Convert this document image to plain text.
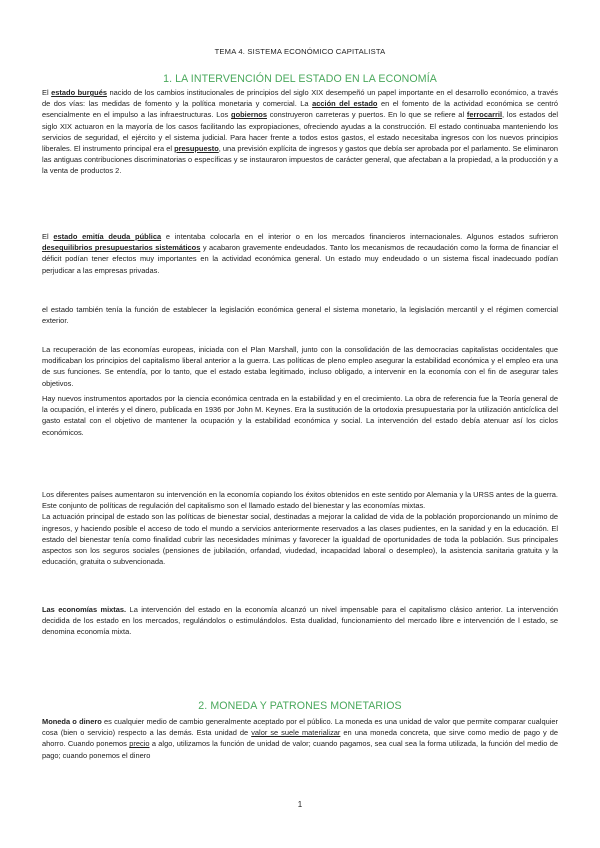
TEMA 4. SISTEMA ECONÓMICO CAPITALISTA
1. LA INTERVENCIÓN DEL ESTADO EN LA ECONOMÍA

El estado burgués nacido de los cambios institucionales de principios del siglo XIX desempeñó un papel importante en el desarrollo económico, a través de dos vías: las medidas de fomento y la política monetaria y comercial. La acción del estado en el fomento de la actividad económica se centró esencialmente en el impulso a las infraestructuras. Los gobiernos construyeron carreteras y puertos. En lo que se refiere al ferrocarril, los estados del siglo XIX actuaron en la mayoría de los casos facilitando las expropiaciones, ofreciendo ayudas a la construcción. El estado continuaba manteniendo los servicios de seguridad, el ejército y el sistema judicial. Para hacer frente a todos estos gastos, el estado necesitaba ingresos con los nuevos principios liberales. El instrumento principal era el presupuesto, una previsión explícita de ingresos y gastos que debía ser aprobada por el parlamento. Se eliminaron las antiguas contribuciones discriminatorias o específicas y se instauraron impuestos de carácter general, que afectaban a la propiedad, a la producción y a la venta de productos 2.

El estado emitía deuda pública e intentaba colocarla en el interior o en los mercados financieros internacionales. Algunos estados sufrieron desequilibrios presupuestarios sistemáticos y acabaron gravemente endeudados. Tanto los mecanismos de recaudación como la forma de financiar el déficit podían tener efectos muy importantes en la actividad económica general. Un estado muy endeudado o un sistema fiscal inadecuado podían perjudicar a las empresas privadas.

el estado también tenía la función de establecer la legislación económica general el sistema monetario, la legislación mercantil y el régimen comercial exterior.

La recuperación de las economías europeas, iniciada con el Plan Marshall, junto con la consolidación de las democracias capitalistas occidentales que modificaban los principios del capitalismo liberal anterior a la guerra. Las políticas de pleno empleo asegurar la estabilidad económica y el empleo era una de sus funciones. Se entendía, por lo tanto, que el estado estaba legitimado, incluso obligado, a intervenir en la economía con el fin de asegurar tales objetivos.

Hay nuevos instrumentos aportados por la ciencia económica centrada en la estabilidad y en el crecimiento. La obra de referencia fue la Teoría general de la ocupación, el interés y el dinero, publicada en 1936 por John M. Keynes. Era la sustitución de la ortodoxia presupuestaria por la utilización anticíclica del gasto estatal con el objetivo de mantener la ocupación y la estabilidad económica y social. La intervención del estado debía atenuar así los ciclos económicos.

Los diferentes países aumentaron su intervención en la economía copiando los éxitos obtenidos en este sentido por Alemania y la URSS antes de la guerra. Este conjunto de políticas de regulación del capitalismo son el llamado estado del bienestar y las economías mixtas.

La actuación principal de estado son las políticas de bienestar social, destinadas a mejorar la calidad de vida de la población proporcionando un mínimo de ingresos, y haciendo posible el acceso de todo el mundo a servicios anteriormente reservados a las clases pudientes, en la sanidad y en la educación. El estado del bienestar tenía como finalidad cubrir las necesidades mínimas y favorecer la igualdad de oportunidades de toda la población. Sus principales aspectos son los seguros sociales (pensiones de jubilación, orfandad, viudedad, incapacidad laboral o desempleo), la asistencia sanitaria gratuita y la educación, gratuita o subvencionada.

Las economías mixtas. La intervención del estado en la economía alcanzó un nivel impensable para el capitalismo clásico anterior. La intervención decidida de los estado en los mercados, regulándolos o estimulándolos. Esta dualidad, funcionamiento del mercado libre e intervención de l estado, se denomina economía mixta.

2. MONEDA Y PATRONES MONETARIOS

Moneda o dinero es cualquier medio de cambio generalmente aceptado por el público. La moneda es una unidad de valor que permite comparar cualquier cosa (bien o servicio) respecto a las demás. Esta unidad de valor se suele materializar en una moneda concreta, que sirve como medio de pago y de ahorro. Cuando ponemos precio a algo, utilizamos la función de unidad de valor; cuando pagamos, sea cual sea la forma utilizada, la función del medio de pago; cuando ponemos el dinero

1
